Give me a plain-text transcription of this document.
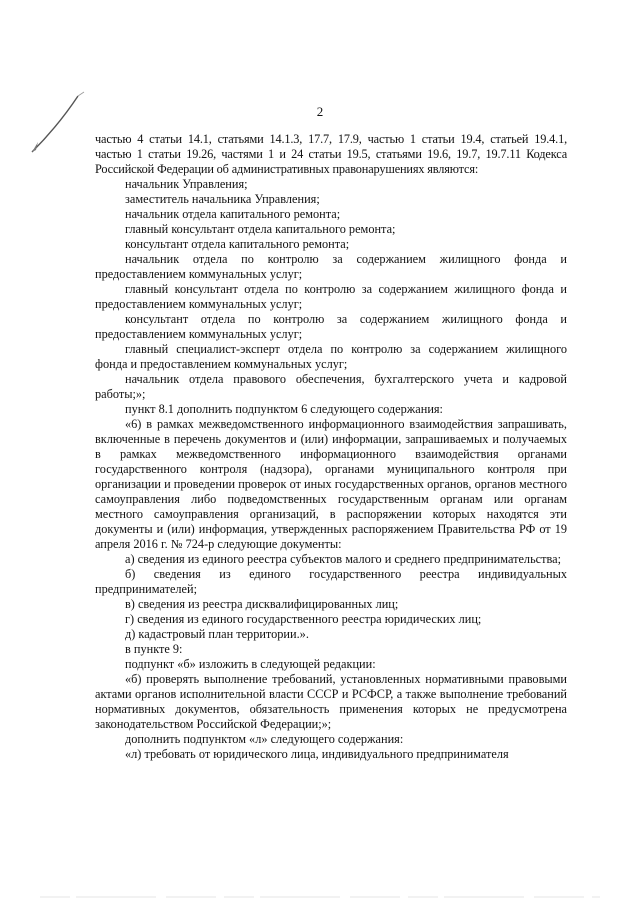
2

частью 4 статьи 14.1, статьями 14.1.3, 17.7, 17.9, частью 1 статьи 19.4, статьей 19.4.1, частью 1 статьи 19.26, частями 1 и 24 статьи 19.5, статьями 19.6, 19.7, 19.7.11 Кодекса Российской Федерации об административных правонарушениях являются:

начальник Управления;

заместитель начальника Управления;

начальник отдела капитального ремонта;

главный консультант отдела капитального ремонта;

консультант отдела капитального ремонта;

начальник отдела по контролю за содержанием жилищного фонда и предоставлением коммунальных услуг;

главный консультант отдела по контролю за содержанием жилищного фонда и предоставлением коммунальных услуг;

консультант отдела по контролю за содержанием жилищного фонда и предоставлением коммунальных услуг;

главный специалист-эксперт отдела по контролю за содержанием жилищного фонда и предоставлением коммунальных услуг;

начальник отдела правового обеспечения, бухгалтерского учета и кадровой работы;»;

пункт 8.1 дополнить подпунктом 6 следующего содержания:

«6) в рамках межведомственного информационного взаимодействия запрашивать, включенные в перечень документов и (или) информации, запрашиваемых и получаемых в рамках межведомственного информационного взаимодействия органами государственного контроля (надзора), органами муниципального контроля при организации и проведении проверок от иных государственных органов, органов местного самоуправления либо подведомственных государственным органам или органам местного самоуправления организаций, в распоряжении которых находятся эти документы и (или) информация, утвержденных распоряжением Правительства РФ от 19 апреля 2016 г. № 724-р следующие документы:

а) сведения из единого реестра субъектов малого и среднего предпринимательства;

б) сведения из единого государственного реестра индивидуальных предпринимателей;

в) сведения из реестра дисквалифицированных лиц;

г) сведения из единого государственного реестра юридических лиц;

д) кадастровый план территории.».

в пункте 9:

подпункт «б» изложить в следующей редакции:

«б) проверять выполнение требований, установленных нормативными правовыми актами органов исполнительной власти СССР и РСФСР, а также выполнение требований нормативных документов, обязательность применения которых не предусмотрена законодательством Российской Федерации;»;

дополнить подпунктом «л» следующего содержания:

«л) требовать от юридического лица, индивидуального предпринимателя
